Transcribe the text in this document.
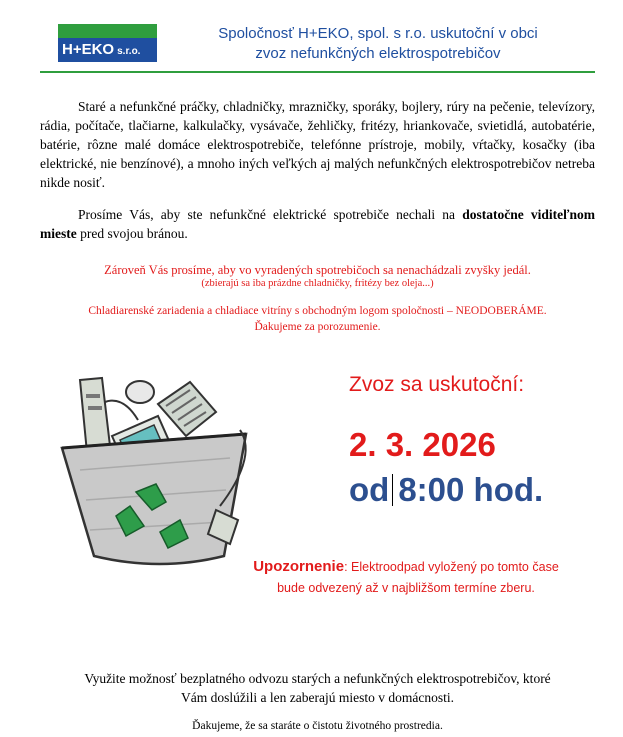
H+EKO s.r.o.
Spoločnosť H+EKO, spol. s r.o. uskutoční v obci
zvoz nefunkčných elektrospotrebičov
Staré a nefunkčné práčky, chladničky, mrazničky, sporáky, bojlery, rúry na pečenie, televízory, rádia, počítače, tlačiarne, kalkulačky, vysávače, žehličky, fritézy, hriankovače, svietidlá, autobatérie, batérie, rôzne malé domáce elektrospotrebiče, telefónne prístroje, mobily, vŕtačky, kosačky (iba elektrické, nie benzínové), a mnoho iných veľkých aj malých nefunkčných elektrospotrebičov netreba nikde nosiť.
Prosíme Vás, aby ste nefunkčné elektrické spotrebiče nechali na dostatočne viditeľnom mieste pred svojou bránou.
Zároveň Vás prosíme, aby vo vyradených spotrebičoch sa nenachádzali zvyšky jedál.
(zbierajú sa iba prázdne chladničky, fritézy bez oleja...)
Chladiarenské zariadenia a chladiace vitríny s obchodným logom spoločnosti – NEODOBERÁME.
Ďakujeme za porozumenie.
Zvoz sa uskutoční:
2. 3. 2026
od 8:00 hod.
Upozornenie: Elektroodpad vyložený po tomto čase
bude odvezený až v najbližšom termíne zberu.
Využite možnosť bezplatného odvozu starých a nefunkčných elektrospotrebičov, ktoré
Vám doslúžili a len zaberajú miesto v domácnosti.
Ďakujeme, že sa staráte o čistotu životného prostredia.
